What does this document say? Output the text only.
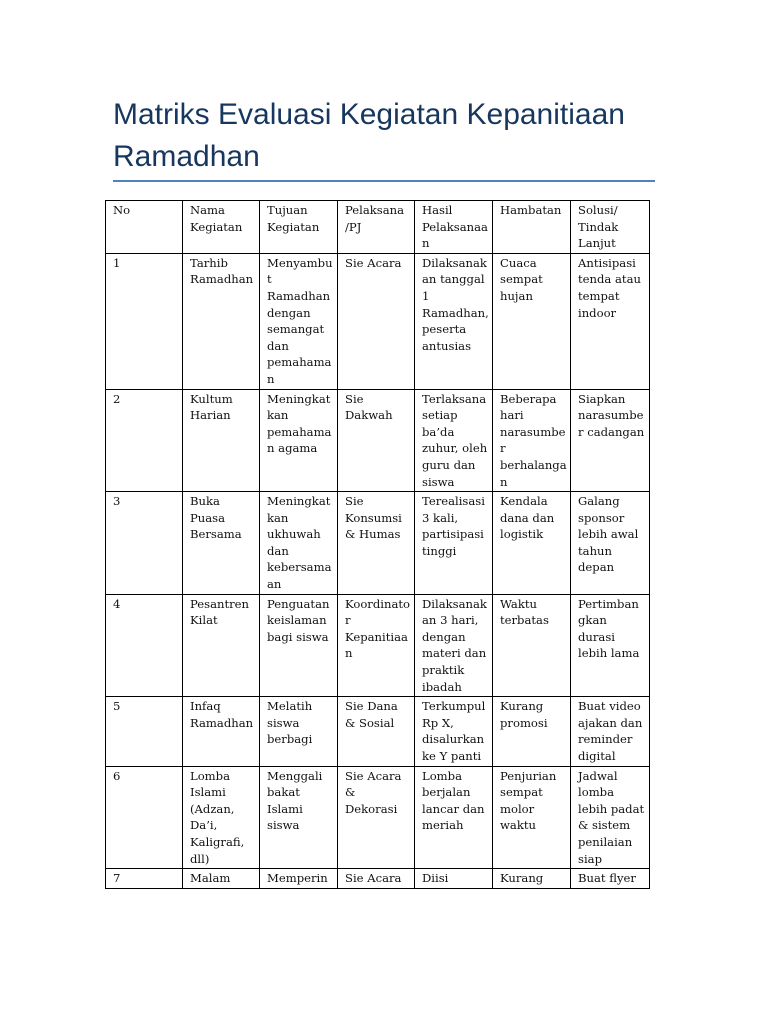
Matriks Evaluasi Kegiatan Kepanitiaan Ramadhan
No	Nama Kegiatan	Tujuan Kegiatan	Pelaksana /PJ	Hasil Pelaksanaan	Hambatan	Solusi/ Tindak Lanjut
1	Tarhib Ramadhan	Menyambut Ramadhan dengan semangat dan pemahaman	Sie Acara	Dilaksanakan tanggal 1 Ramadhan, peserta antusias	Cuaca sempat hujan	Antisipasi tenda atau tempat indoor
2	Kultum Harian	Meningkatkan pemahaman agama	Sie Dakwah	Terlaksana setiap ba’da zuhur, oleh guru dan siswa	Beberapa hari narasumber berhalangan	Siapkan narasumber cadangan
3	Buka Puasa Bersama	Meningkatkan ukhuwah dan kebersamaan	Sie Konsumsi & Humas	Terealisasi 3 kali, partisipasi tinggi	Kendala dana dan logistik	Galang sponsor lebih awal tahun depan
4	Pesantren Kilat	Penguatan keislaman bagi siswa	Koordinator Kepanitiaan	Dilaksanakan 3 hari, dengan materi dan praktik ibadah	Waktu terbatas	Pertimbangkan durasi lebih lama
5	Infaq Ramadhan	Melatih siswa berbagi	Sie Dana & Sosial	Terkumpul Rp X, disalurkan ke Y panti	Kurang promosi	Buat video ajakan dan reminder digital
6	Lomba Islami (Adzan, Da’i, Kaligrafi, dll)	Menggali bakat Islami siswa	Sie Acara & Dekorasi	Lomba berjalan lancar dan meriah	Penjurian sempat molor waktu	Jadwal lomba lebih padat & sistem penilaian siap
7	Malam	Memperin	Sie Acara	Diisi	Kurang	Buat flyer
